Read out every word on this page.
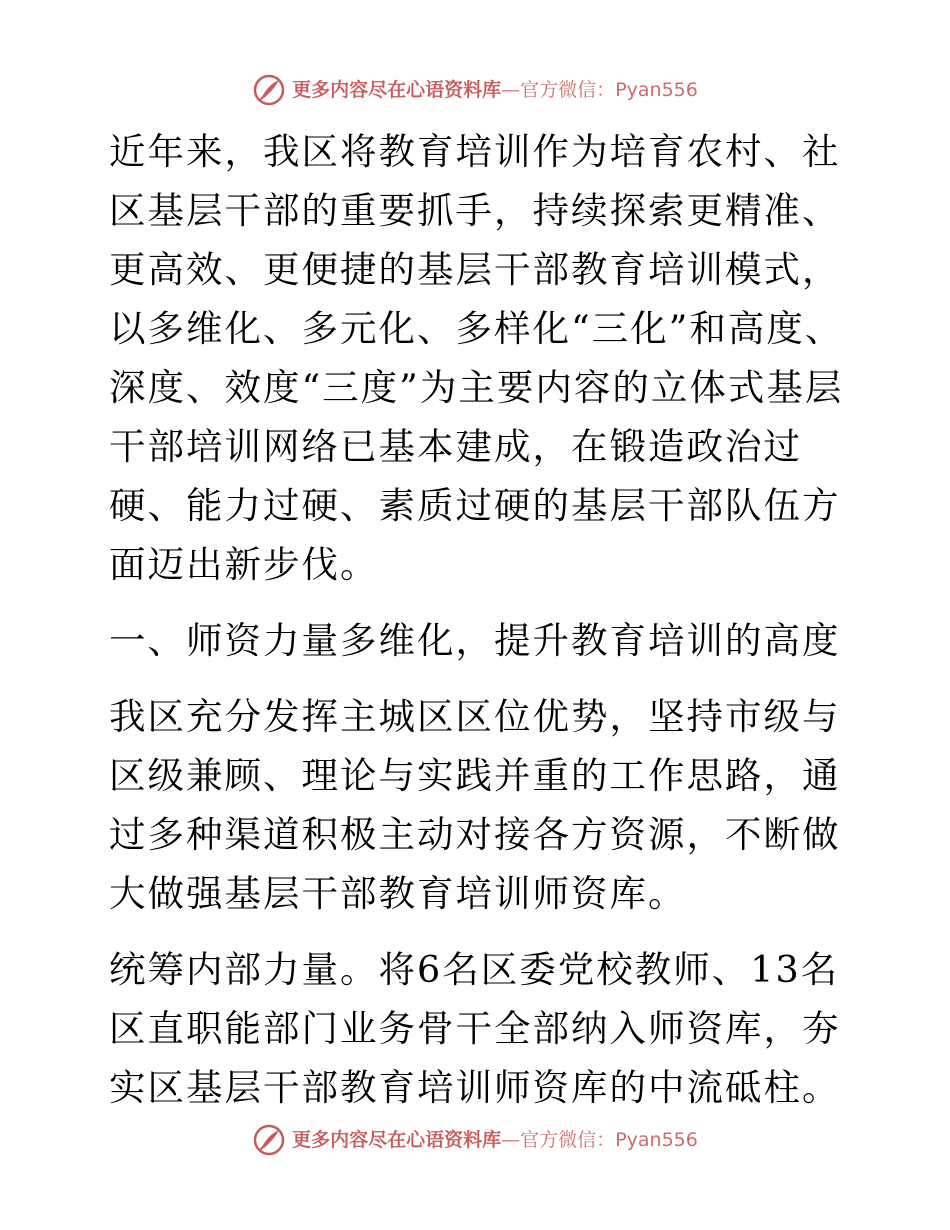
更多内容尽在心语资料库—官方微信：Pyan556

近年来，我区将教育培训作为培育农村、社区基层干部的重要抓手，持续探索更精准、更高效、更便捷的基层干部教育培训模式，以多维化、多元化、多样化“三化”和高度、深度、效度“三度”为主要内容的立体式基层干部培训网络已基本建成，在锻造政治过硬、能力过硬、素质过硬的基层干部队伍方面迈出新步伐。

一、师资力量多维化，提升教育培训的高度

我区充分发挥主城区区位优势，坚持市级与区级兼顾、理论与实践并重的工作思路，通过多种渠道积极主动对接各方资源，不断做大做强基层干部教育培训师资库。

统筹内部力量。将6名区委党校教师、13名区直职能部门业务骨干全部纳入师资库，夯实区基层干部教育培训师资库的中流砥柱。

更多内容尽在心语资料库—官方微信：Pyan556
